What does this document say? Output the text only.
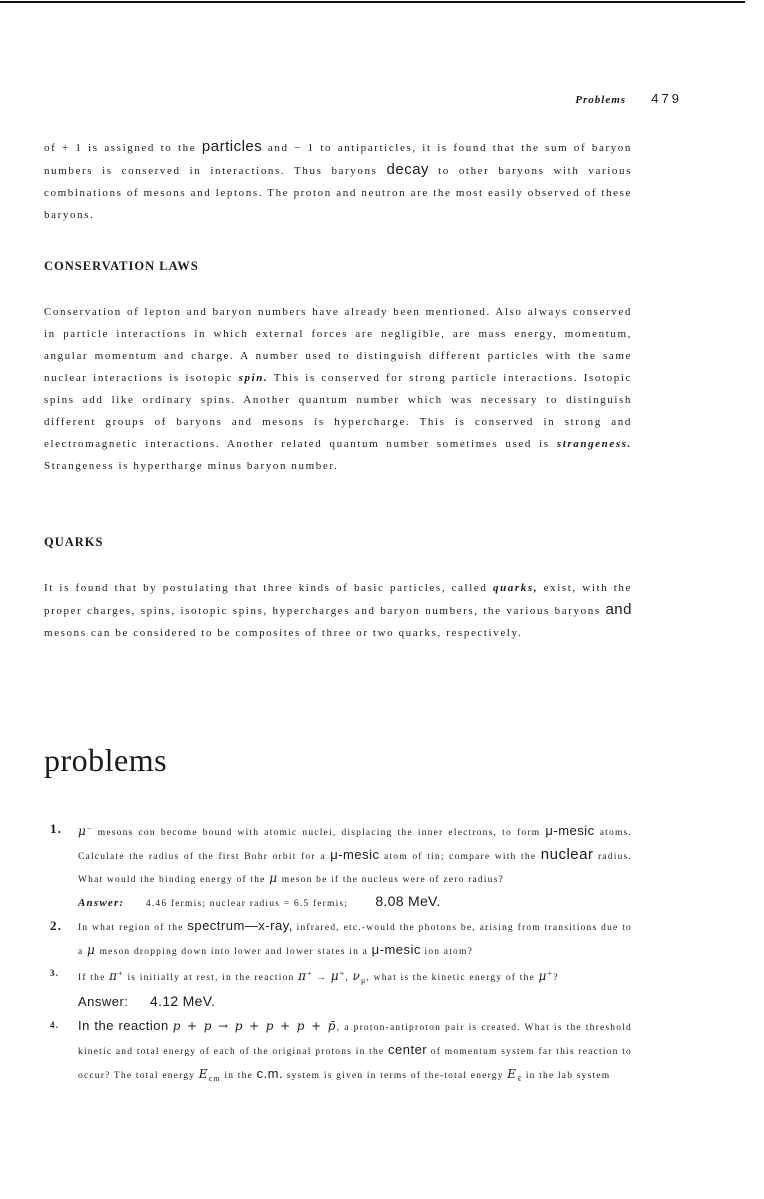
Problems 479

of + 1 is assigned to the particles and − 1 to antiparticles, it is found that the sum of baryon numbers is conserved in interactions. Thus baryons decay to other baryons with various combinations of mesons and leptons. The proton and neutron are the most easily observed of these baryons.

CONSERVATION LAWS

Conservation of lepton and baryon numbers have already been mentioned. Also always conserved in particle interactions in which external forces are negligible, are mass energy, momentum, angular momentum and charge. A number used to distinguish different particles with the same nuclear interactions is isotopic spin. This is conserved for strong particle interactions. Isotopic spins add like ordinary spins. Another quantum number which was necessary to distinguish different groups of baryons and mesons is hypercharge. This is conserved in strong and electromagnetic interactions. Another related quantum number sometimes used is strangeness. Strangeness is hypertharge minus baryon number.

QUARKS

It is found that by postulating that three kinds of basic particles, called quarks, exist, with the proper charges, spins, isotopic spins, hypercharges and baryon numbers, the various baryons and mesons can be considered to be composites of three or two quarks, respectively.

problems
1. μ− mesons con become bound with atomic nuclei, displacing the inner electrons, to form μ-mesic atoms. Calculate the radius of the first Bohr orbit for a μ-mesic atom of tin; compare with the nuclear radius. What would the binding energy of the μ meson be if the nucleus were of zero radius?
Answer: 4.46 fermis; nuclear radius = 6.5 fermis; 8.08 MeV.
2. In what region of the spectrum—x-ray, infrared, etc.-would the photons be, arising from transitions due to a μ meson dropping down into lower and lower states in a μ-mesic ion atom?
3.
If the π+ is initially at rest, in the reaction π+ → μ+, $\nu_\mu$, what is the kinetic energy of the μ+?
Answer: 4.12 MeV.
4. In the reaction p + p → p + p + p + p̄, a proton-antiproton pair is created. What is the threshold kinetic and total energy of each of the original protons in the center of momentum system far this reaction to occur? The total energy $E_{cm}$ in the c.m. system is given in terms of the-total energy $E_\ell$ in the lab system
